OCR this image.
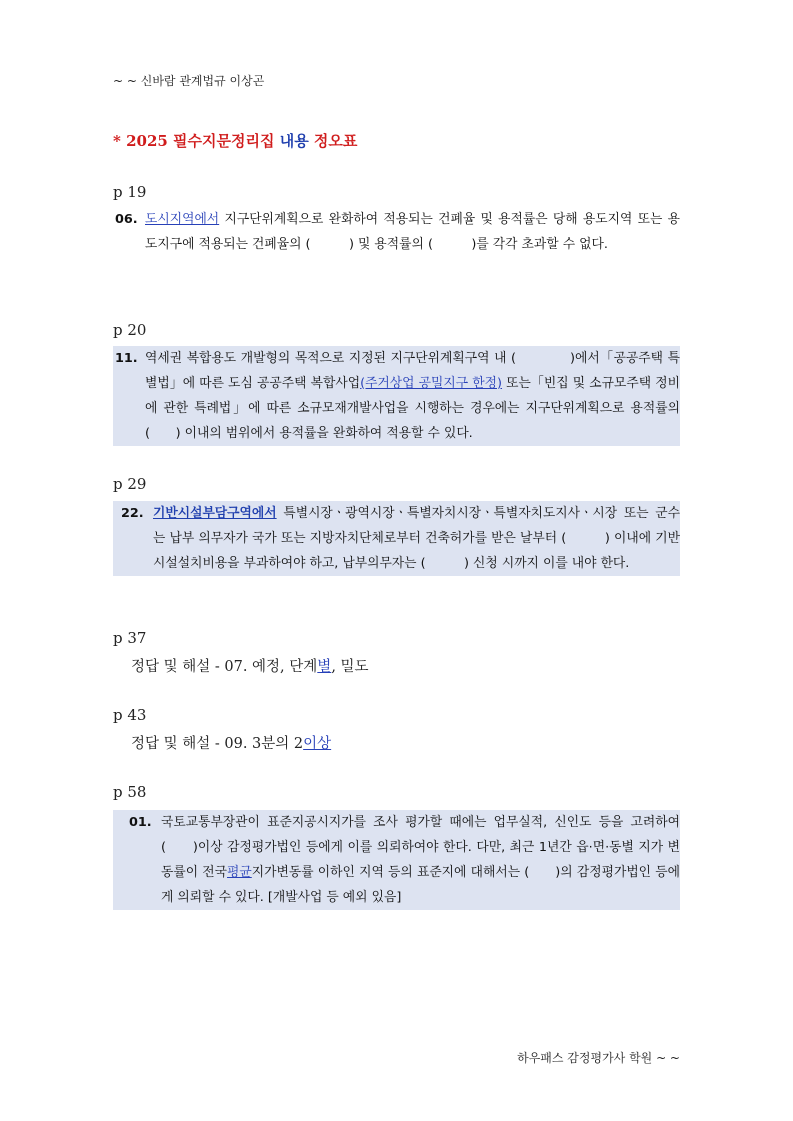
~ ~ 신바람 관계법규 이상곤
* 2025 필수지문정리집 내용 정오표
p 19
06. 도시지역에서 지구단위계획으로 완화하여 적용되는 건폐율 및 용적률은 당해 용도지역 또는 용도지구에 적용되는 건폐율의 (　　　) 및 용적률의 (　　　)를 각각 초과할 수 없다.
p 20
11. 역세권 복합용도 개발형의 목적으로 지정된 지구단위계획구역 내 (　　　　)에서「공공주택 특별법」에 따른 도심 공공주택 복합사업(주거상업 공밀지구 한정) 또는「빈집 및 소규모주택 정비에 관한 특례법」에 따른 소규모재개발사업을 시행하는 경우에는 지구단위계획으로 용적률의 (　　) 이내의 범위에서 용적률을 완화하여 적용할 수 있다.
p 29
22. 기반시설부담구역에서 특별시장ㆍ광역시장ㆍ특별자치시장ㆍ특별자치도지사ㆍ시장 또는 군수는 납부 의무자가 국가 또는 지방자치단체로부터 건축허가를 받은 날부터 (　　　) 이내에 기반시설설치비용을 부과하여야 하고, 납부의무자는 (　　　) 신청 시까지 이를 내야 한다.
p 37
정답 및 해설 - 07. 예정, 단계별, 밀도
p 43
정답 및 해설 - 09. 3분의 2이상
p 58
01. 국토교통부장관이 표준지공시지가를 조사 평가할 때에는 업무실적, 신인도 등을 고려하여 (　　)이상 감정평가법인 등에게 이를 의뢰하여야 한다. 다만, 최근 1년간 읍·면·동별 지가 변동률이 전국평균지가변동률 이하인 지역 등의 표준지에 대해서는 (　　)의 감정평가법인 등에게 의뢰할 수 있다. [개발사업 등 예외 있음]
하우패스 감정평가사 학원 ~ ~
